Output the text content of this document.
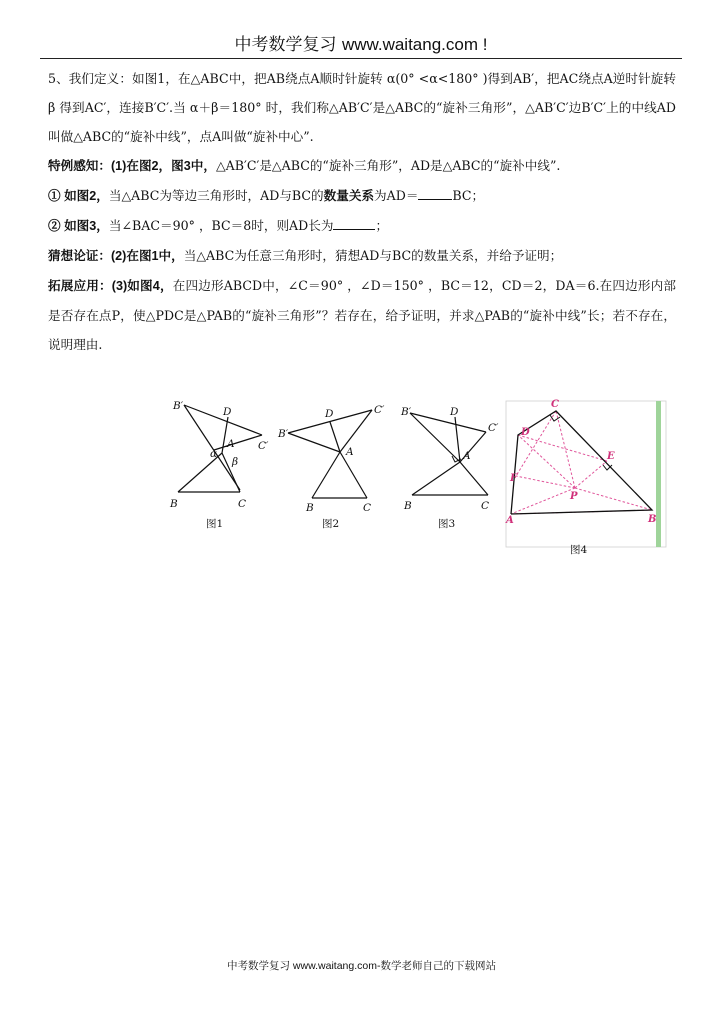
中考数学复习 www.waitang.com !

5、我们定义：如图1，在△ABC中，把AB绕点A顺时针旋转 α(0° <α<180° )得到AB′，把AC绕点A逆时针旋转 β 得到AC′，连接B′C′.当 α＋β＝180° 时，我们称△AB′C′是△ABC的“旋补三角形”，△AB′C′边B′C′上的中线AD叫做△ABC的“旋补中线”，点A叫做“旋补中心”.

特例感知：(1)在图2，图3中，△AB′C′是△ABC的“旋补三角形”，AD是△ABC的“旋补中线”.

① 如图2，当△ABC为等边三角形时，AD与BC的数量关系为AD＝	BC；

② 如图3，当∠BAC＝90° ，BC＝8时，则AD长为	；

猜想论证：(2)在图1中，当△ABC为任意三角形时，猜想AD与BC的数量关系，并给予证明；

拓展应用：(3)如图4，在四边形ABCD中，∠C＝90° ，∠D＝150° ，BC＝12，CD＝2，DA＝6.在四边形内部是否存在点P，使△PDC是△PAB的“旋补三角形”？若存在，给予证明，并求△PAB的“旋补中线”长；若不存在，说明理由.

B′	D
A C′
α
β
B	C
图1
B′
D	C′
A
B	C
图2
B′	D
C′
A
B	C
图3
C
D
E
F
P
A	B
图4
中考数学复习 www.waitang.com-数学老师自己的下载网站
